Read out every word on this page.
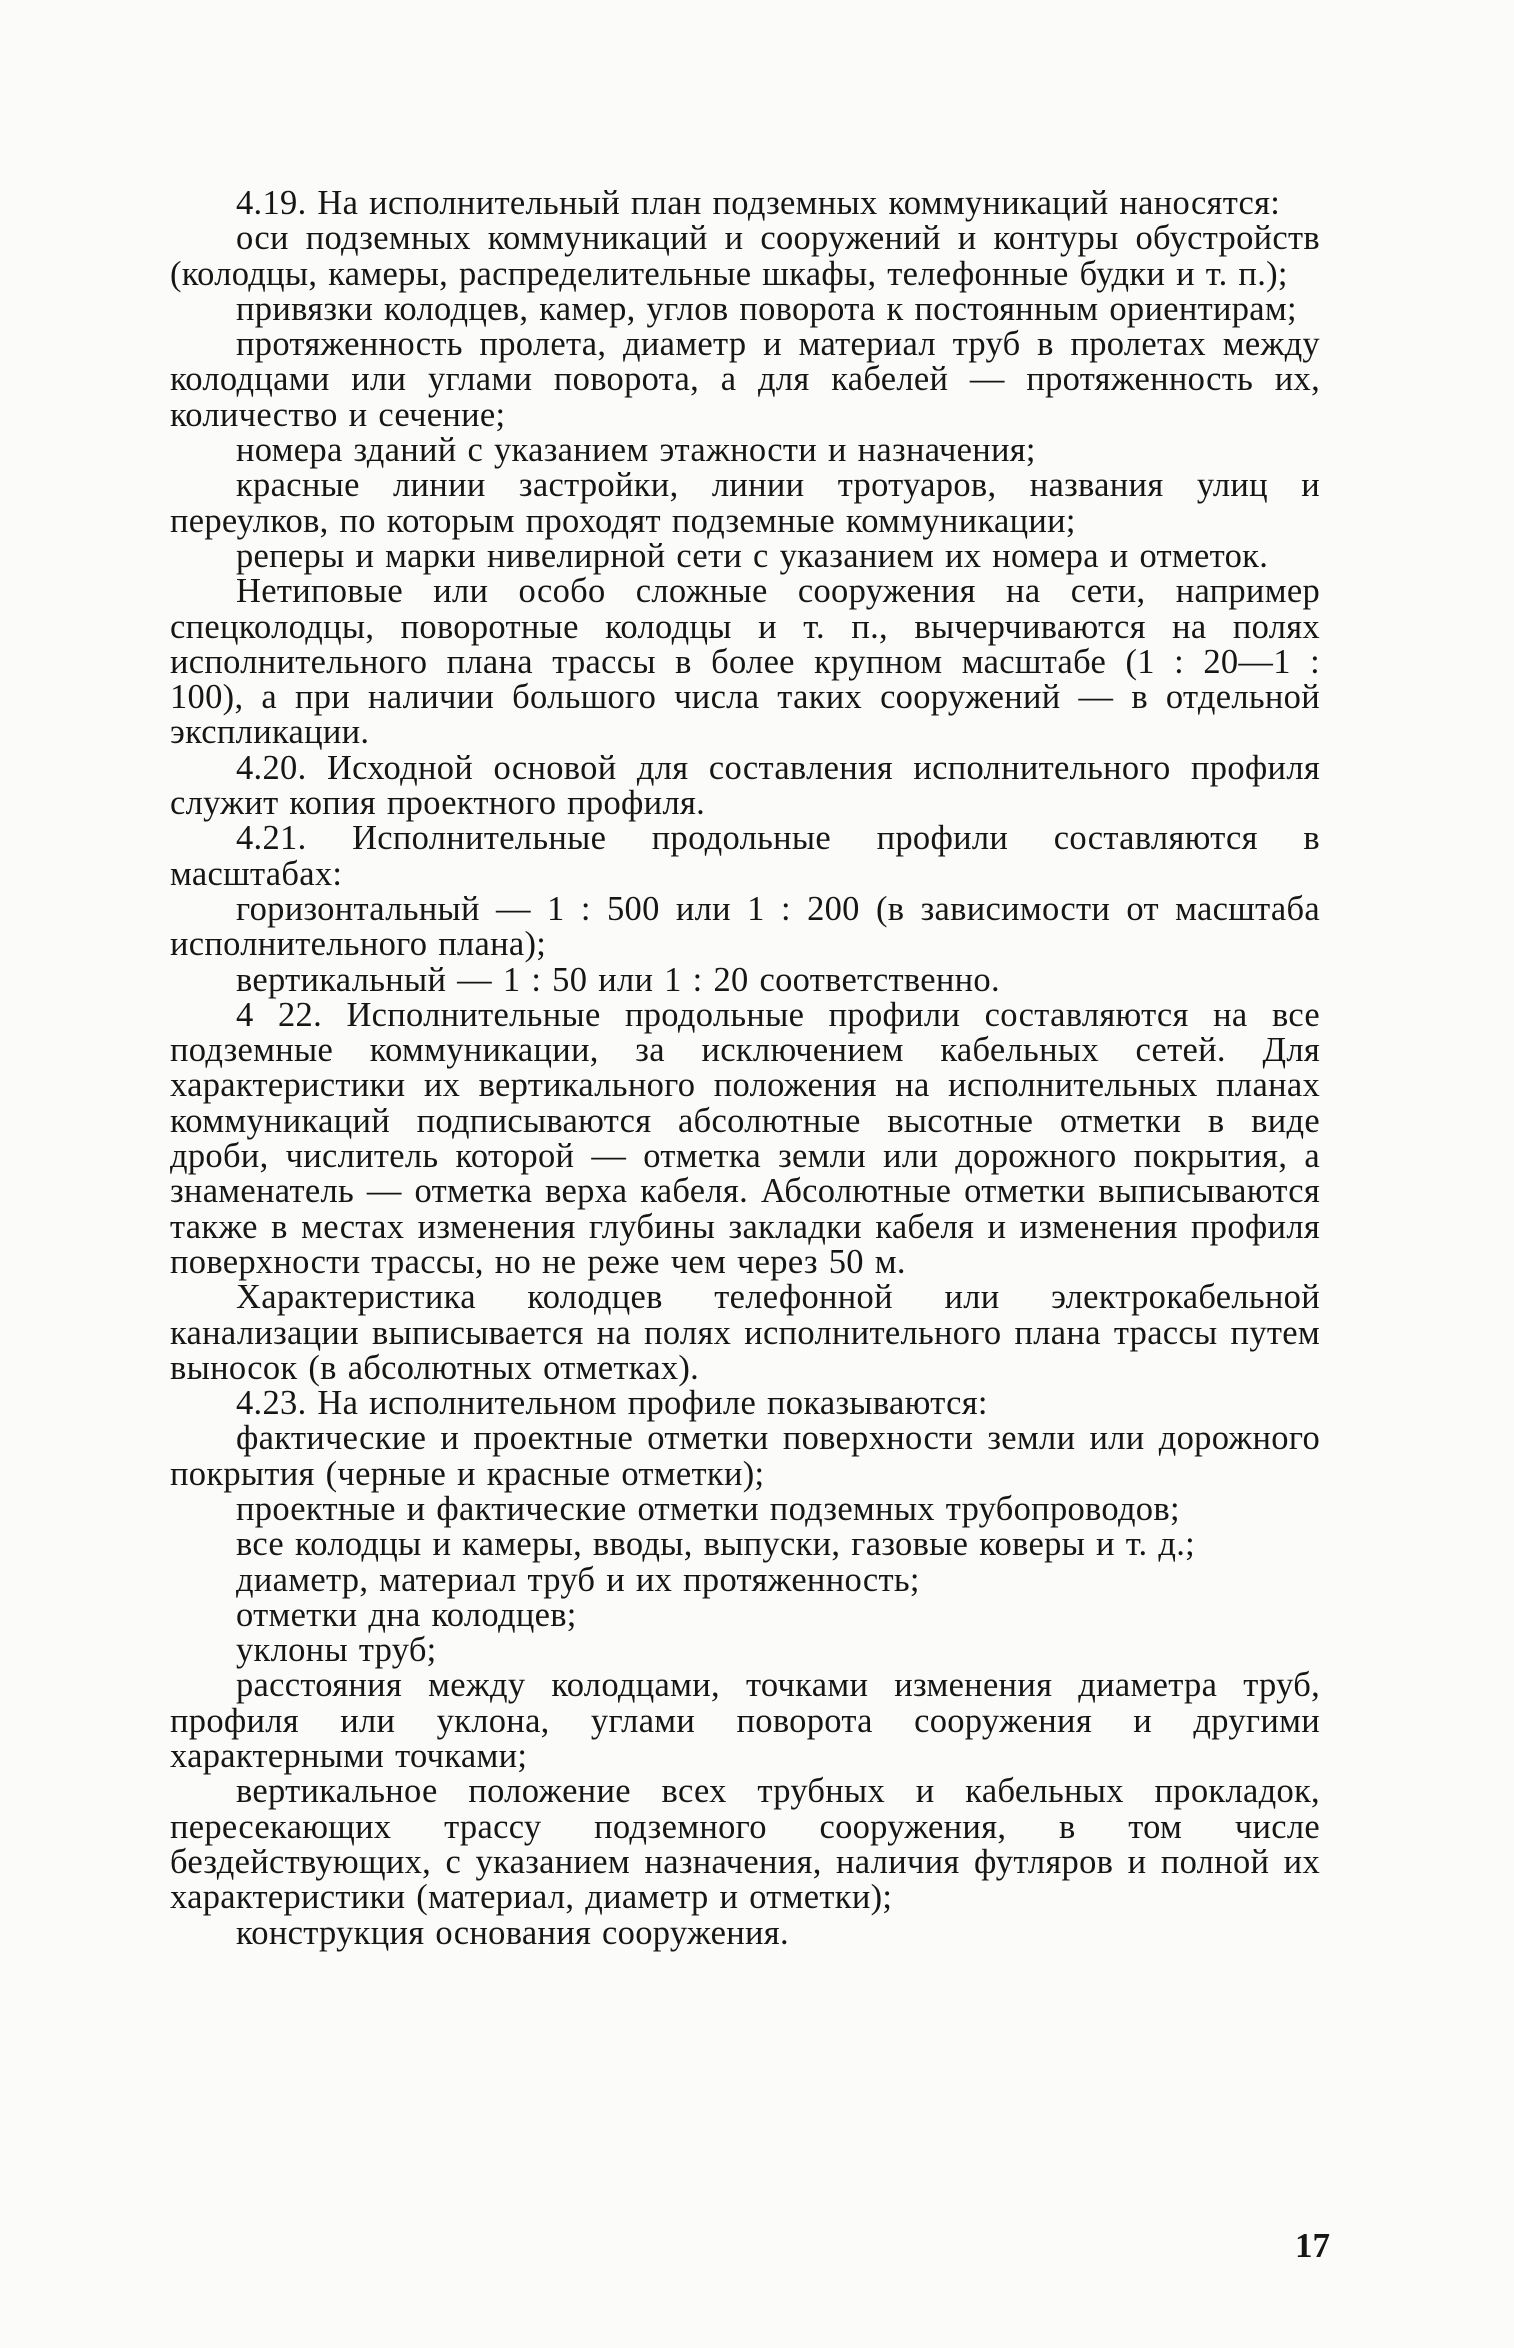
4.19. На исполнительный план подземных коммуникаций наносятся:

оси подземных коммуникаций и сооружений и контуры обустройств (колодцы, камеры, распределительные шкафы, телефонные будки и т. п.);

привязки колодцев, камер, углов поворота к постоянным ориентирам;

протяженность пролета, диаметр и материал труб в пролетах между колодцами или углами поворота, а для кабелей — протяженность их, количество и сечение;

номера зданий с указанием этажности и назначения;

красные линии застройки, линии тротуаров, названия улиц и переулков, по которым проходят подземные коммуникации;

реперы и марки нивелирной сети с указанием их номера и отметок.

Нетиповые или особо сложные сооружения на сети, например спецколодцы, поворотные колодцы и т. п., вычерчиваются на полях исполнительного плана трассы в более крупном масштабе (1 : 20—1 : 100), а при наличии большого числа таких сооружений — в отдельной экспликации.

4.20. Исходной основой для составления исполнительного профиля служит копия проектного профиля.

4.21. Исполнительные продольные профили составляются в масштабах:

горизонтальный — 1 : 500 или 1 : 200 (в зависимости от масштаба исполнительного плана);

вертикальный — 1 : 50 или 1 : 20 соответственно.

4 22. Исполнительные продольные профили составляются на все подземные коммуникации, за исключением кабельных сетей. Для характеристики их вертикального положения на исполнительных планах коммуникаций подписываются абсолютные высотные отметки в виде дроби, числитель которой — отметка земли или дорожного покрытия, а знаменатель — отметка верха кабеля. Абсолютные отметки выписываются также в местах изменения глубины закладки кабеля и изменения профиля поверхности трассы, но не реже чем через 50 м.

Характеристика колодцев телефонной или электрокабельной канализации выписывается на полях исполнительного плана трассы путем выносок (в абсолютных отметках).

4.23. На исполнительном профиле показываются:

фактические и проектные отметки поверхности земли или дорожного покрытия (черные и красные отметки);

проектные и фактические отметки подземных трубопроводов;

все колодцы и камеры, вводы, выпуски, газовые коверы и т. д.;

диаметр, материал труб и их протяженность;

отметки дна колодцев;

уклоны труб;

расстояния между колодцами, точками изменения диаметра труб, профиля или уклона, углами поворота сооружения и другими характерными точками;

вертикальное положение всех трубных и кабельных прокладок, пересекающих трассу подземного сооружения, в том числе бездействующих, с указанием назначения, наличия футляров и полной их характеристики (материал, диаметр и отметки);

конструкция основания сооружения.

17
